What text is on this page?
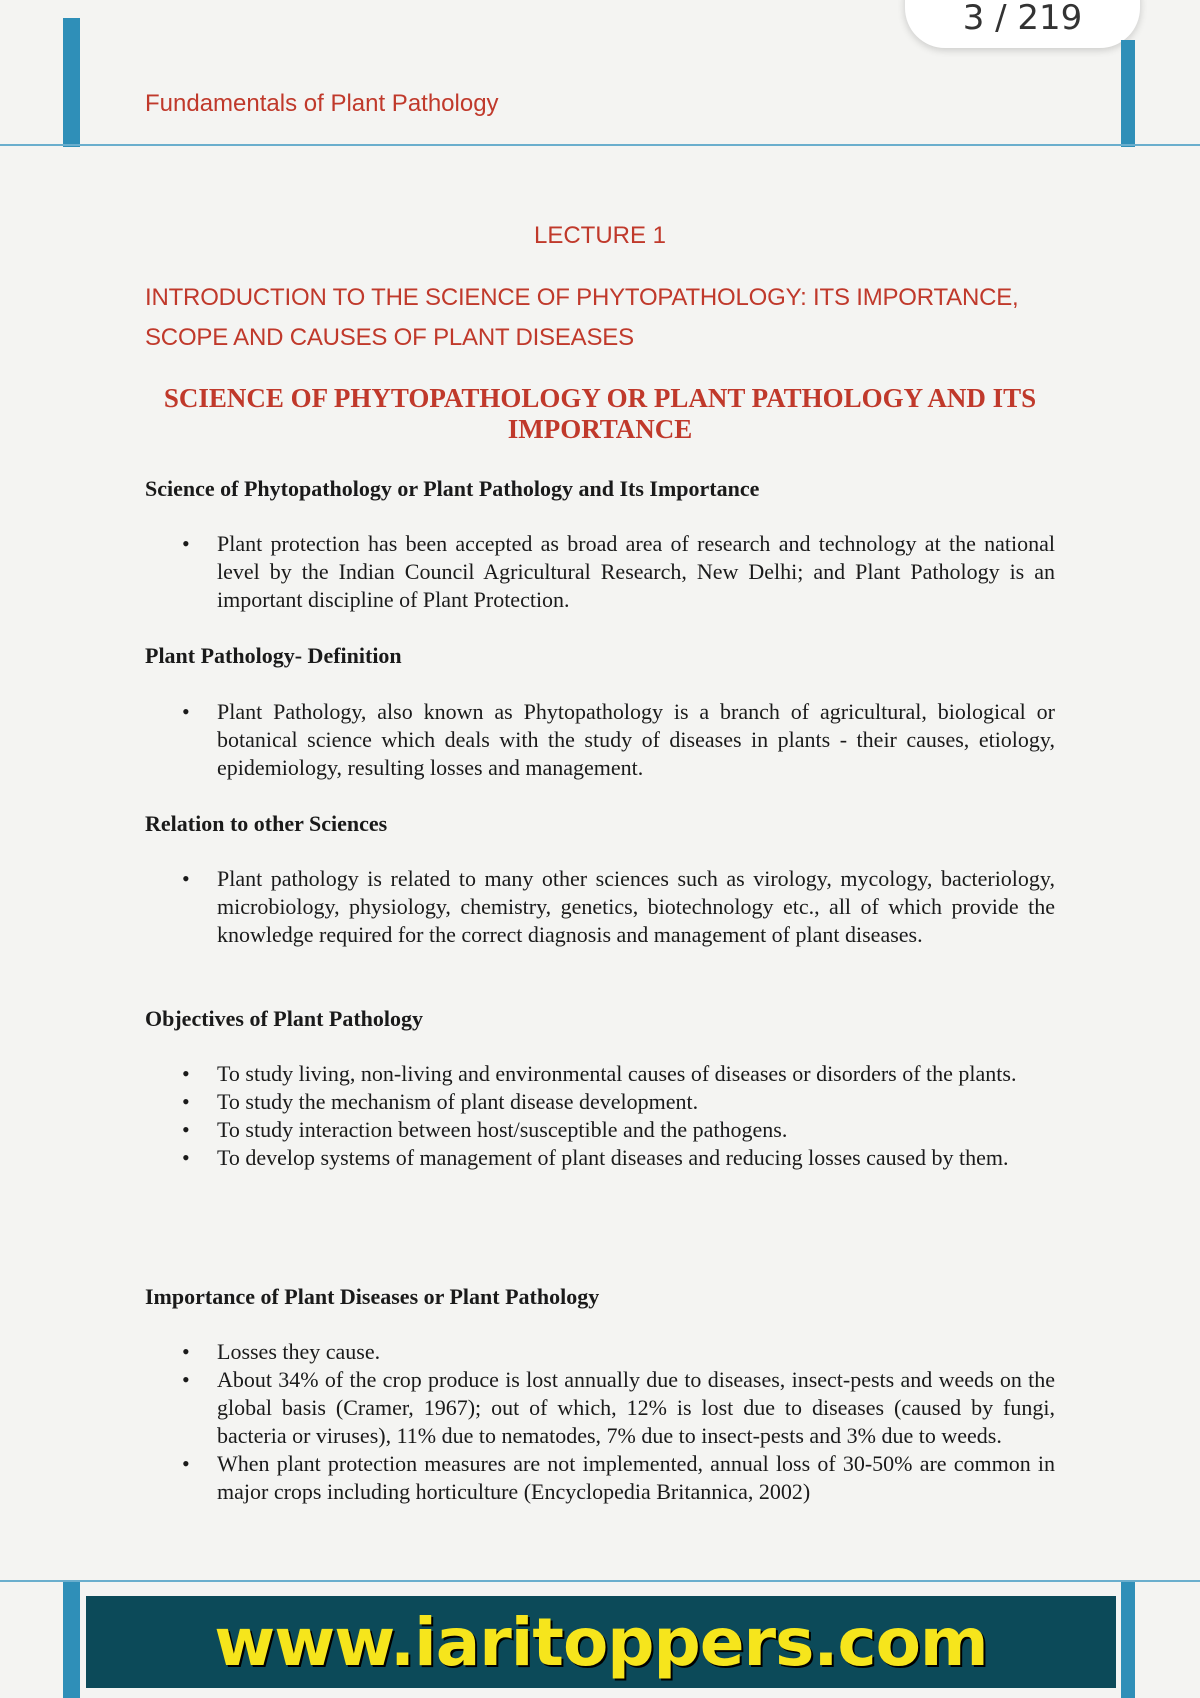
3 / 219
Fundamentals of Plant Pathology
LECTURE 1
INTRODUCTION TO THE SCIENCE OF PHYTOPATHOLOGY: ITS IMPORTANCE, SCOPE AND CAUSES OF PLANT DISEASES
SCIENCE OF PHYTOPATHOLOGY OR PLANT PATHOLOGY AND ITS IMPORTANCE
Science of Phytopathology or Plant Pathology and Its Importance
• Plant protection has been accepted as broad area of research and technology at the national level by the Indian Council Agricultural Research, New Delhi; and Plant Pathology is an important discipline of Plant Protection.
Plant Pathology- Definition
• Plant Pathology, also known as Phytopathology is a branch of agricultural, biological or botanical science which deals with the study of diseases in plants - their causes, etiology, epidemiology, resulting losses and management.
Relation to other Sciences
• Plant pathology is related to many other sciences such as virology, mycology, bacteriology, microbiology, physiology, chemistry, genetics, biotechnology etc., all of which provide the knowledge required for the correct diagnosis and management of plant diseases.
Objectives of Plant Pathology
• To study living, non-living and environmental causes of diseases or disorders of the plants.
• To study the mechanism of plant disease development.
• To study interaction between host/susceptible and the pathogens.
• To develop systems of management of plant diseases and reducing losses caused by them.
Importance of Plant Diseases or Plant Pathology
• Losses they cause.
• About 34% of the crop produce is lost annually due to diseases, insect-pests and weeds on the global basis (Cramer, 1967); out of which, 12% is lost due to diseases (caused by fungi, bacteria or viruses), 11% due to nematodes, 7% due to insect-pests and 3% due to weeds.
• When plant protection measures are not implemented, annual loss of 30-50% are common in major crops including horticulture (Encyclopedia Britannica, 2002)
www.iaritoppers.com
